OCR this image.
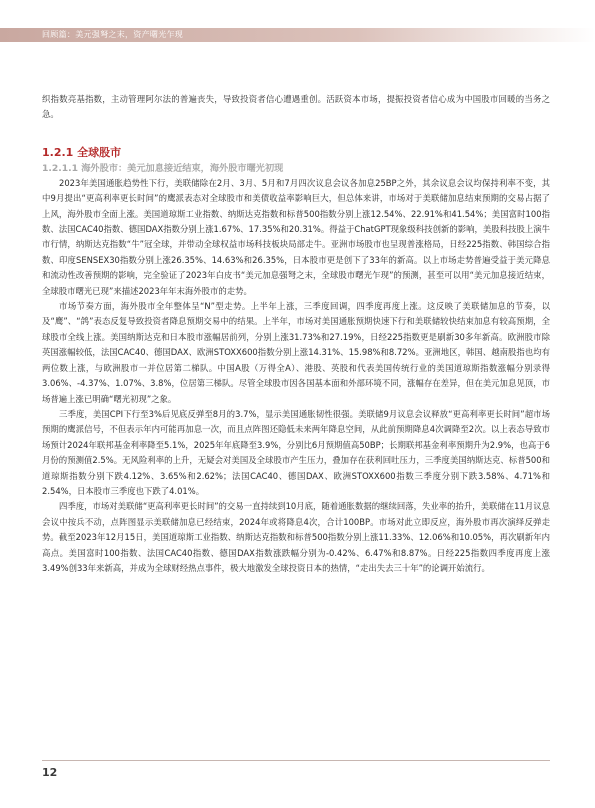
回顾篇：美元强弩之末，资产曙光乍现

织指数亮基指数，主动管理阿尔法的普遍丧失，导致投资者信心遭遇重创。活跃资本市场，提振投资者信心成为中国股市回暖的当务之急。

1.2.1 全球股市
1.2.1.1 海外股市：美元加息接近结束，海外股市曙光初现

2023年美国通胀趋势性下行，美联储除在2月、3月、5月和7月四次议息会议各加息25BP之外，其余议息会议均保持利率不变，其中9月提出“更高利率更长时间”的鹰派表态对全球股市和美债收益率影响巨大，但总体来讲，市场对于美联储加息结束预期的交易占据了上风，海外股市全面上涨。美国道琼斯工业指数、纳斯达克指数和标普500指数分别上涨12.54%、22.91%和41.54%；美国富时100指数、法国CAC40指数、德国DAX指数分别上涨1.67%、17.35%和20.31%。得益于ChatGPT现象级科技创新的影响，美股科技股上演牛市行情，纳斯达克指数“牛”冠全球，并带动全球权益市场科技板块局部走牛。亚洲市场股市也呈现普涨格局，日经225指数、韩国综合指数、印度SENSEX30指数分别上涨26.35%、14.63%和26.35%，日本股市更是创下了33年的新高。以上市场走势普遍受益于美元降息和流动性改善预期的影响，完全验证了2023年白皮书“美元加息强弩之末，全球股市曙光乍现”的预测，甚至可以用“美元加息接近结束，全球股市曙光已现”来描述2023年年末海外股市的走势。

市场节奏方面，海外股市全年整体呈“N”型走势。上半年上涨，三季度回调，四季度再度上涨。这反映了美联储加息的节奏，以及“鹰”、“鸽”表态反复导致投资者降息预期交易中的结果。上半年，市场对美国通胀预期快速下行和美联储较快结束加息有较高预期，全球股市全线上涨。美国纳斯达克和日本股市涨幅居前列，分别上涨31.73%和27.19%，日经225指数更是刷新30多年新高。欧洲股市除英国涨幅较低，法国CAC40、德国DAX、欧洲STOXX600指数分别上涨14.31%、15.98%和8.72%。亚洲地区，韩国、越南股指也均有两位数上涨，与欧洲股市一并位居第二梯队。中国A股（万得全A）、港股、英股和代表美国传统行业的美国道琼斯指数涨幅分别录得3.06%、-4.37%、1.07%、3.8%，位居第三梯队。尽管全球股市因各国基本面和外部环境不同，涨幅存在差异，但在美元加息见顶，市场普遍上涨已明确“曙光初现”之象。

三季度，美国CPI下行至3%后见底反弹至8月的3.7%，显示美国通胀韧性很强。美联储9月议息会议释放“更高利率更长时间”超市场预期的鹰派信号，不但表示年内可能再加息一次，而且点阵图还隐低未来两年降息空间，从此前预期降息4次调降至2次。以上表态导致市场预计2024年联邦基金利率降至5.1%，2025年年底降至3.9%，分别比6月预期值高50BP；长期联邦基金利率预期升为2.9%，也高于6月份的预测值2.5%。无风险利率的上升，无疑会对美国及全球股市产生压力，叠加存在获利回吐压力，三季度美国纳斯达克、标普500和道琼斯指数分别下跌4.12%、3.65%和2.62%；法国CAC40、德国DAX、欧洲STOXX600指数三季度分别下跌3.58%、4.71%和2.54%，日本股市三季度也下跌了4.01%。

四季度，市场对美联储“更高利率更长时间”的交易一直持续到10月底，随着通胀数据的继续回落，失业率的抬升，美联储在11月议息会议中按兵不动，点阵图显示美联储加息已经结束，2024年或将降息4次，合计100BP。市场对此立即反应，海外股市再次演绎反弹走势。截至2023年12月15日，美国道琼斯工业指数、纳斯达克指数和标普500指数分别上涨11.33%、12.06%和10.05%，再次刷新年内高点。美国富时100指数、法国CAC40指数、德国DAX指数涨跌幅分别为-0.42%、6.47%和8.87%。日经225指数四季度再度上涨3.49%创33年来新高，并成为全球财经热点事件，极大地激发全球投资日本的热情，“走出失去三十年”的论调开始流行。

12
